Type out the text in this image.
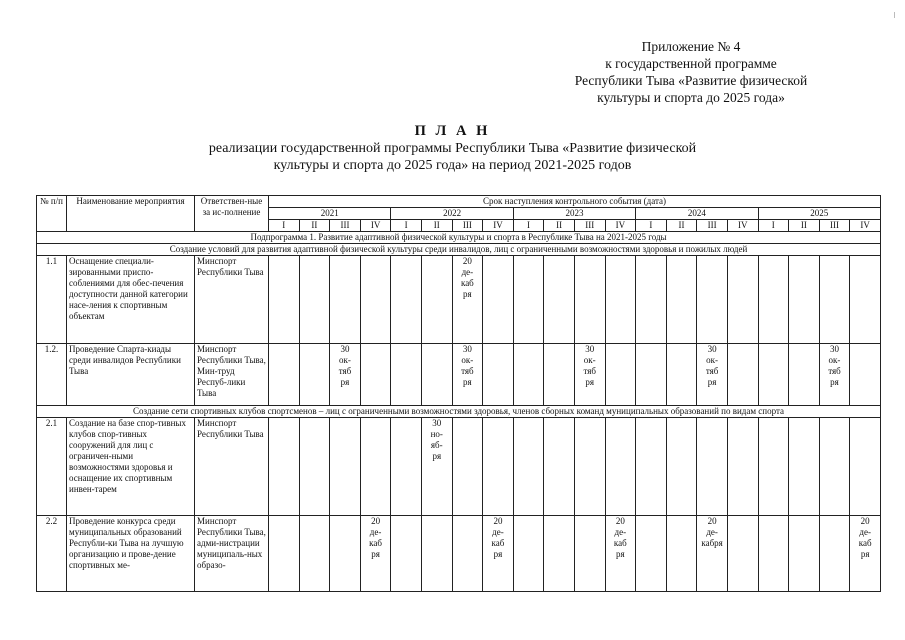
Приложение № 4
к государственной программе
Республики Тыва «Развитие физической
культуры и спорта до 2025 года»
П Л А Н
реализации государственной программы Республики Тыва «Развитие физической
культуры и спорта до 2025 года» на период 2021-2025 годов
№ п/п	Наименование мероприятия	Ответствен-ные за ис-полнение	Срок наступления контрольного события (дата)																			
			2021				2022				2023				2024				2025			
			I	II	III	IV	I	II	III	IV	I	II	III	IV	I	II	III	IV	I	II	III	IV
Подпрограмма 1. Развитие адаптивной физической культуры и спорта в Республике Тыва на 2021-2025 годы																						
Создание условий для развития адаптивной физической культуры среди инвалидов, лиц с ограниченными возможностями здоровья и пожилых людей																						
1.1	Оснащение специали-зированными приспо-соблениями для обес-печения доступности данной категории насе-ления к спортивным объектам	Минспорт Республики Тыва							20
де-
каб
ря													

1.2.	Проведение Спарта-киады среди инвалидов Республики Тыва	Минспорт Республики Тыва, Мин-труд Респуб-лики Тыва			30
ок-
тяб
ря				30
ок-
тяб
ря				30
ок-
тяб
ря				30
ок-
тяб
ря				30
ок-
тяб
ря	

Создание сети спортивных клубов спортсменов – лиц с ограниченными возможностями здоровья, членов сборных команд муниципальных образований по видам спорта																						
2.1	Создание на базе спор-тивных клубов спор-тивных сооружений для лиц с ограничен-ными возможностями здоровья и оснащение их спортивным инвен-тарем	Минспорт Республики Тыва						30
но-
яб-
ря														

2.2	Проведение конкурса среди муниципальных образований Республи-ки Тыва на лучшую организацию и прове-дение спортивных ме-	Минспорт Республики Тыва, адми-нистрации муниципаль-ных образо-				20
де-
каб
ря				20
де-
каб
ря				20
де-
каб
ря			20
де-
кабря					20
де-
каб
ря
